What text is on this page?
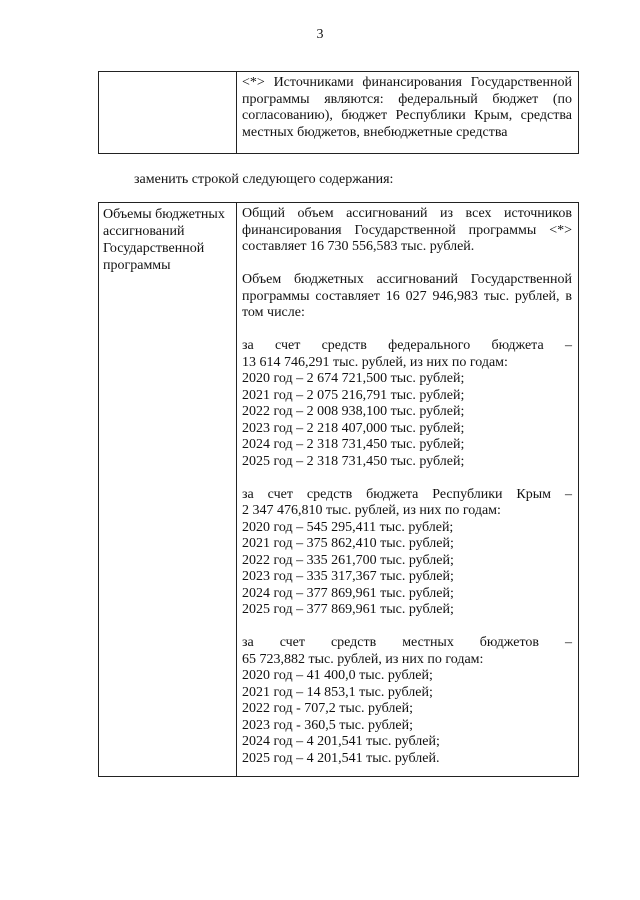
3
<*> Источниками финансирования Государственной программы являются: федеральный бюджет (по согласованию), бюджет Республики Крым, средства местных бюджетов, внебюджетные средства
заменить строкой следующего содержания:
Объемы бюджетных ассигнований Государственной программы
Общий объем ассигнований из всех источников финансирования Государственной программы <*> составляет 16 730 556,583 тыс. рублей.
Объем бюджетных ассигнований Государственной программы составляет 16 027 946,983 тыс. рублей, в том числе:
за счет средств федерального бюджета –
13 614 746,291 тыс. рублей, из них по годам:
2020 год – 2 674 721,500 тыс. рублей;
2021 год – 2 075 216,791 тыс. рублей;
2022 год – 2 008 938,100 тыс. рублей;
2023 год – 2 218 407,000 тыс. рублей;
2024 год – 2 318 731,450 тыс. рублей;
2025 год – 2 318 731,450 тыс. рублей;
за счет средств бюджета Республики Крым –
2 347 476,810 тыс. рублей, из них по годам:
2020 год – 545 295,411 тыс. рублей;
2021 год – 375 862,410 тыс. рублей;
2022 год – 335 261,700 тыс. рублей;
2023 год – 335 317,367 тыс. рублей;
2024 год – 377 869,961 тыс. рублей;
2025 год – 377 869,961 тыс. рублей;
за счет средств местных бюджетов –
65 723,882 тыс. рублей, из них по годам:
2020 год – 41 400,0 тыс. рублей;
2021 год – 14 853,1 тыс. рублей;
2022 год - 707,2 тыс. рублей;
2023 год - 360,5 тыс. рублей;
2024 год – 4 201,541 тыс. рублей;
2025 год – 4 201,541 тыс. рублей.
